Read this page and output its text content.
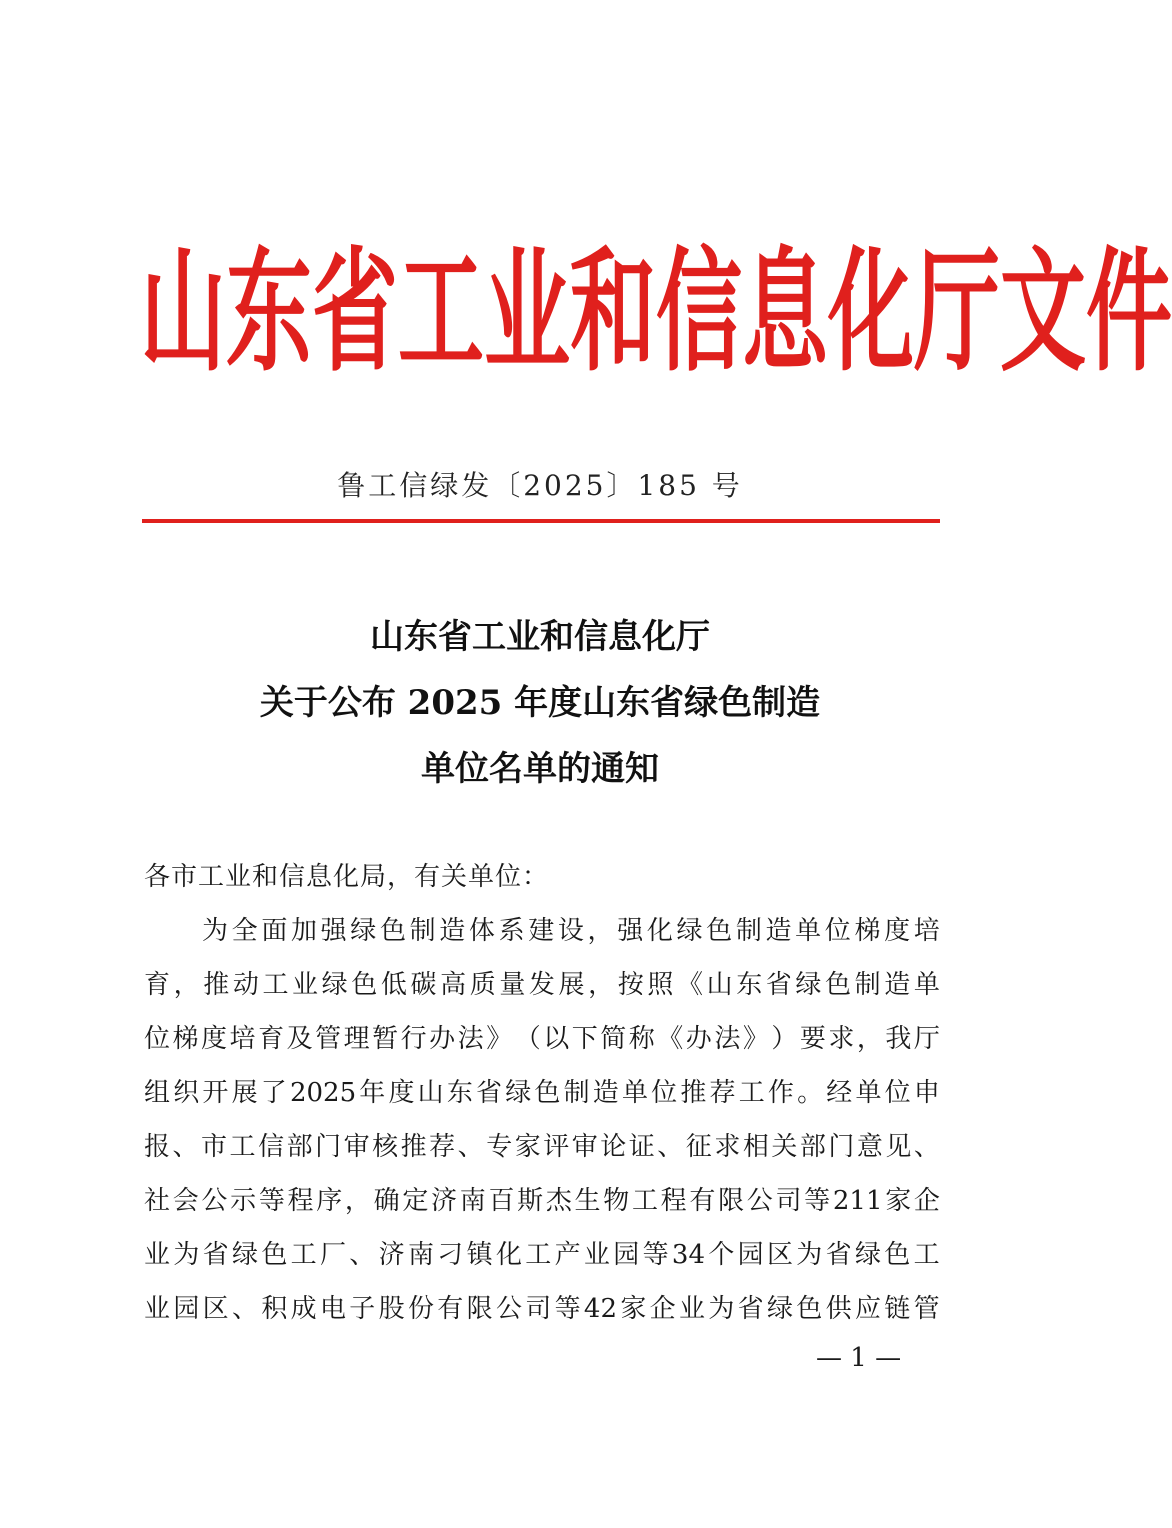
山 东 省 工 业 和 信 息 化 厅 文 件
鲁工信绿发〔2025〕185 号
山东省工业和信息化厅
关于公布 2025 年度山东省绿色制造
单位名单的通知
各市工业和信息化局，有关单位：
为 全 面 加 强 绿 色 制 造 体 系 建 设 ， 强 化 绿 色 制 造 单 位 梯 度 培
育 ， 推 动 工 业 绿 色 低 碳 高 质 量 发 展 ， 按 照 《 山 东 省 绿 色 制 造 单
位 梯 度 培 育 及 管 理 暂 行 办 法 》 （ 以 下 简 称 《 办 法 》 ） 要 求 ， 我 厅
组 织 开 展 了 2025 年 度 山 东 省 绿 色 制 造 单 位 推 荐 工 作 。 经 单 位 申
报 、 市 工 信 部 门 审 核 推 荐 、 专 家 评 审 论 证 、 征 求 相 关 部 门 意 见 、
社 会 公 示 等 程 序 ， 确 定 济 南 百 斯 杰 生 物 工 程 有 限 公 司 等 211 家 企
业 为 省 绿 色 工 厂 、 济 南 刁 镇 化 工 产 业 园 等 34 个 园 区 为 省 绿 色 工
业 园 区 、 积 成 电 子 股 份 有 限 公 司 等 42 家 企 业 为 省 绿 色 供 应 链 管
— 1 —
